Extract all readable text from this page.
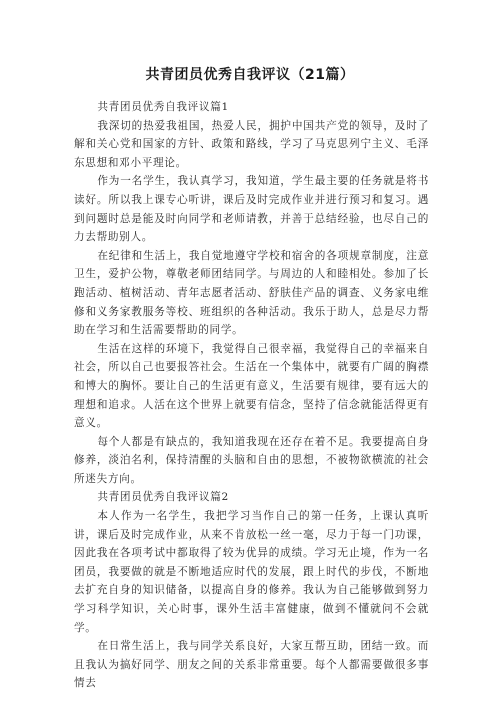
共青团员优秀自我评议（21篇）

共青团员优秀自我评议篇1

我深切的热爱我祖国，热爱人民，拥护中国共产党的领导，及时了解和关心党和国家的方针、政策和路线，学习了马克思列宁主义、毛泽东思想和邓小平理论。

作为一名学生，我认真学习，我知道，学生最主要的任务就是将书读好。所以我上课专心听讲，课后及时完成作业并进行预习和复习。遇到问题时总是能及时向同学和老师请教，并善于总结经验，也尽自己的力去帮助别人。

在纪律和生活上，我自觉地遵守学校和宿舍的各项规章制度，注意卫生，爱护公物，尊敬老师团结同学。与周边的人和睦相处。参加了长跑活动、植树活动、青年志愿者活动、舒肤佳产品的调查、义务家电维修和义务家教服务等校、班组织的各种活动。我乐于助人，总是尽力帮助在学习和生活需要帮助的同学。

生活在这样的环境下，我觉得自己很幸福，我觉得自己的幸福来自社会，所以自己也要报答社会。生活在一个集体中，就要有广阔的胸襟和博大的胸怀。要让自己的生活更有意义，生活要有规律，要有远大的理想和追求。人活在这个世界上就要有信念，坚持了信念就能活得更有意义。

每个人都是有缺点的，我知道我现在还存在着不足。我要提高自身修养，淡泊名利，保持清醒的头脑和自由的思想，不被物欲横流的社会所迷失方向。

共青团员优秀自我评议篇2

本人作为一名学生，我把学习当作自己的第一任务，上课认真听讲，课后及时完成作业，从来不肯放松一丝一毫，尽力于每一门功课，因此我在各项考试中都取得了较为优异的成绩。学习无止境，作为一名团员，我要做的就是不断地适应时代的发展，跟上时代的步伐，不断地去扩充自身的知识储备，以提高自身的修养。我认为自己能够做到努力学习科学知识，关心时事，课外生活丰富健康，做到不懂就问不会就学。

在日常生活上，我与同学关系良好，大家互帮互助，团结一致。而且我认为搞好同学、朋友之间的关系非常重要。每个人都需要做很多事情去
